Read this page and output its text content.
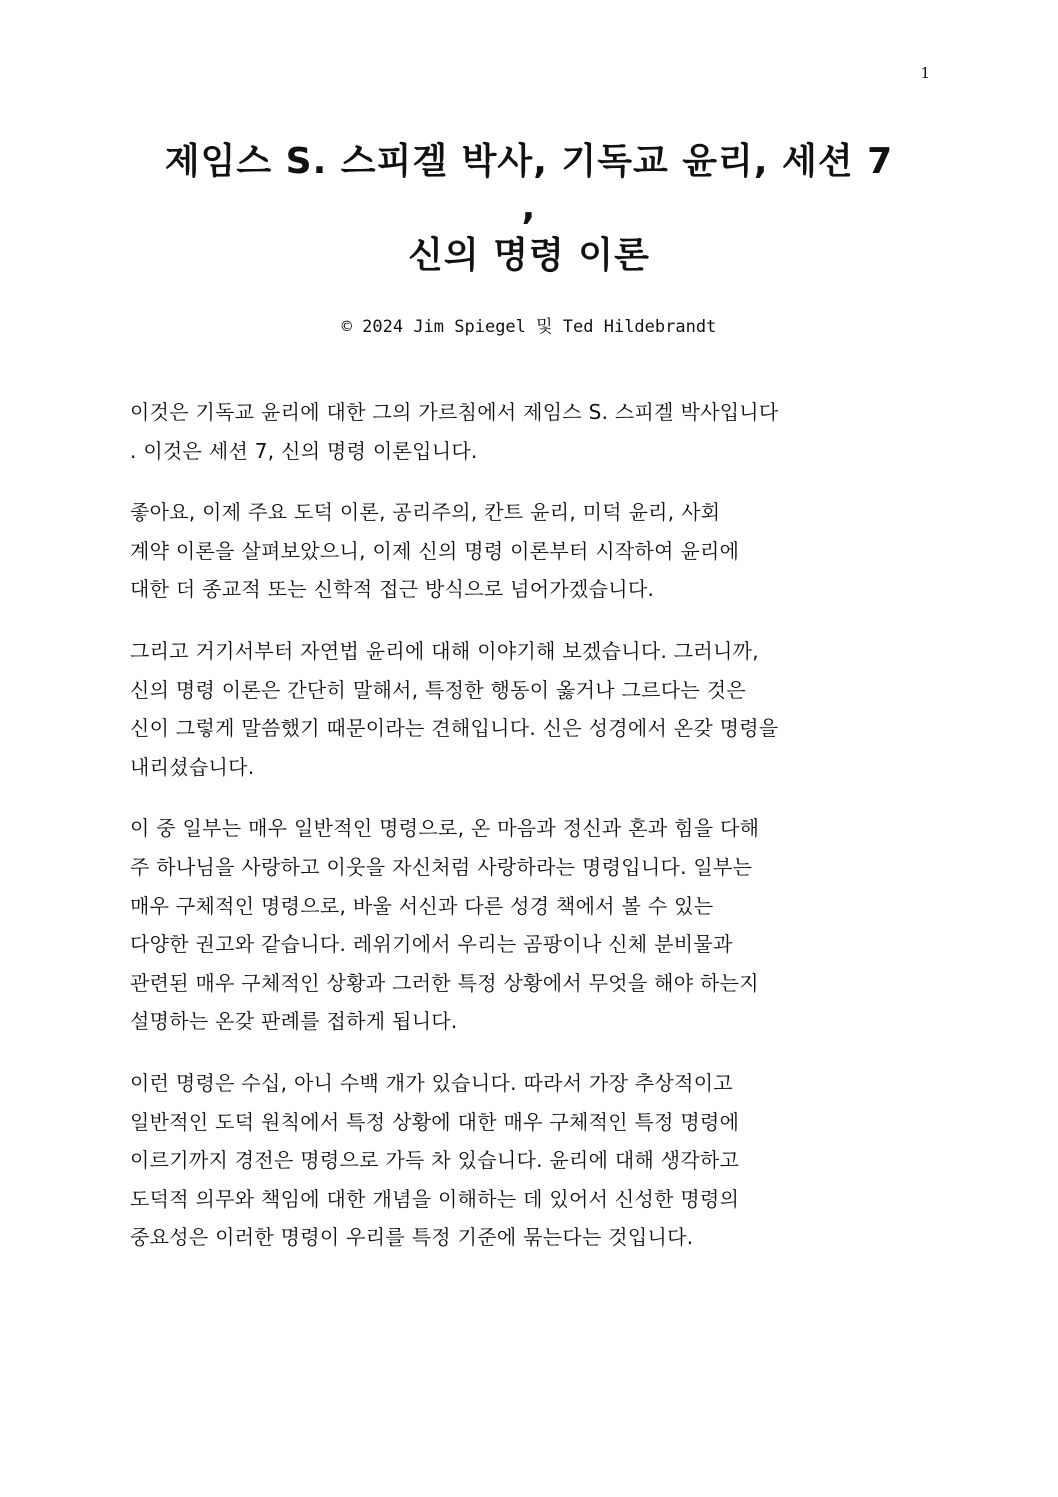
1
제임스 S. 스피겔 박사, 기독교 윤리, 세션 7
,
신의 명령 이론
© 2024 Jim Spiegel 및 Ted Hildebrandt
이것은 기독교 윤리에 대한 그의 가르침에서 제임스 S. 스피겔 박사입니다
. 이것은 세션 7, 신의 명령 이론입니다.
좋아요, 이제 주요 도덕 이론, 공리주의, 칸트 윤리, 미덕 윤리, 사회
계약 이론을 살펴보았으니, 이제 신의 명령 이론부터 시작하여 윤리에
대한 더 종교적 또는 신학적 접근 방식으로 넘어가겠습니다.
그리고 거기서부터 자연법 윤리에 대해 이야기해 보겠습니다. 그러니까,
신의 명령 이론은 간단히 말해서, 특정한 행동이 옳거나 그르다는 것은
신이 그렇게 말씀했기 때문이라는 견해입니다. 신은 성경에서 온갖 명령을
내리셨습니다.
이 중 일부는 매우 일반적인 명령으로, 온 마음과 정신과 혼과 힘을 다해
주 하나님을 사랑하고 이웃을 자신처럼 사랑하라는 명령입니다. 일부는
매우 구체적인 명령으로, 바울 서신과 다른 성경 책에서 볼 수 있는
다양한 권고와 같습니다. 레위기에서 우리는 곰팡이나 신체 분비물과
관련된 매우 구체적인 상황과 그러한 특정 상황에서 무엇을 해야 하는지
설명하는 온갖 판례를 접하게 됩니다.
이런 명령은 수십, 아니 수백 개가 있습니다. 따라서 가장 추상적이고
일반적인 도덕 원칙에서 특정 상황에 대한 매우 구체적인 특정 명령에
이르기까지 경전은 명령으로 가득 차 있습니다. 윤리에 대해 생각하고
도덕적 의무와 책임에 대한 개념을 이해하는 데 있어서 신성한 명령의
중요성은 이러한 명령이 우리를 특정 기준에 묶는다는 것입니다.
